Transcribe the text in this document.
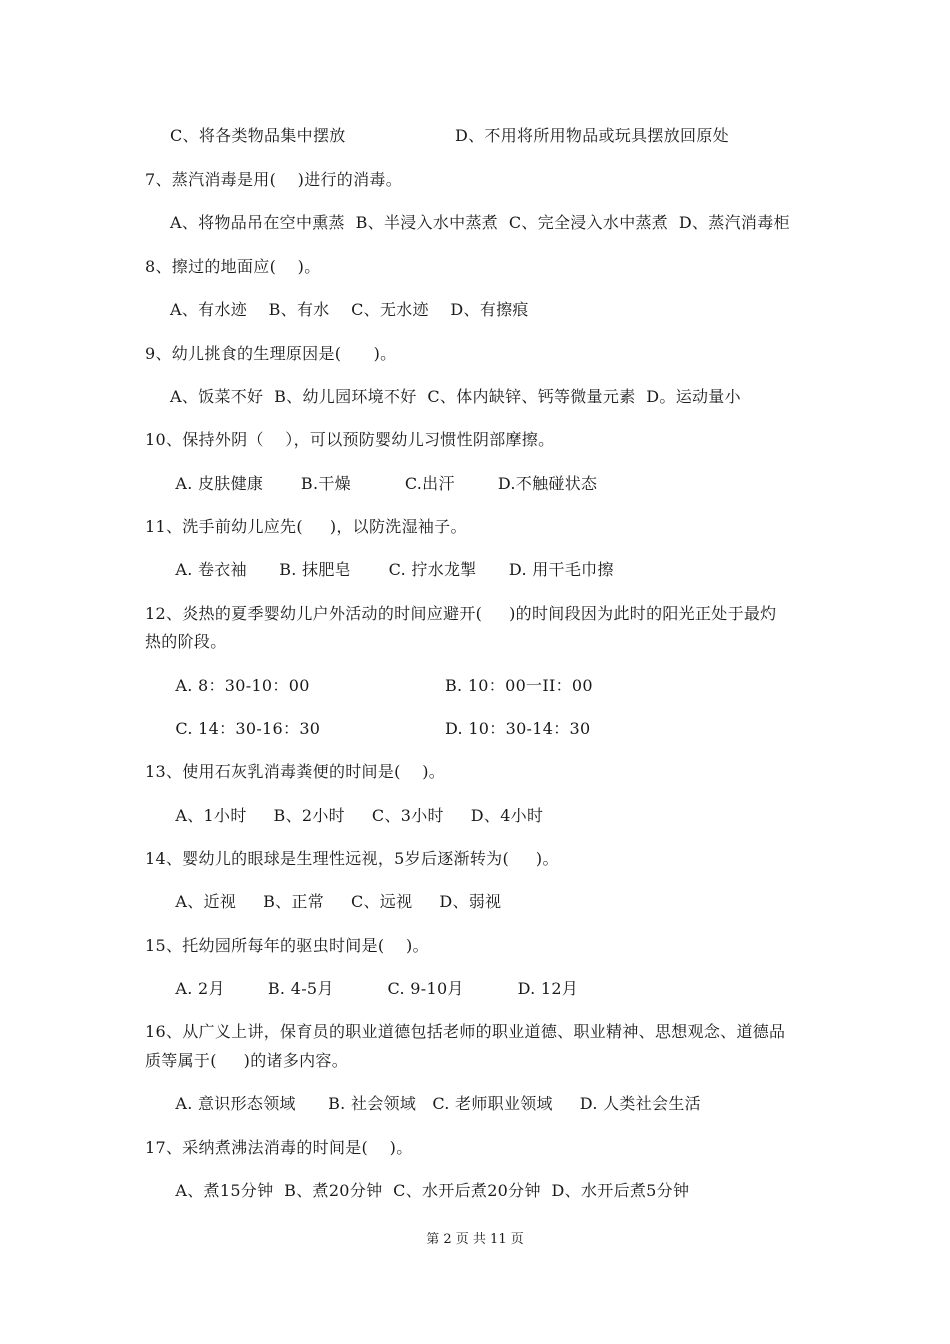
C、将各类物品集中摆放	D、不用将所用物品或玩具摆放回原处
7、蒸汽消毒是用(    )进行的消毒。
A、将物品吊在空中熏蒸  B、半浸入水中蒸煮  C、完全浸入水中蒸煮  D、蒸汽消毒柜
8、擦过的地面应(    )。
A、有水迹    B、有水    C、无水迹    D、有擦痕
9、幼儿挑食的生理原因是(      )。
A、饭菜不好  B、幼儿园环境不好  C、体内缺锌、钙等微量元素  D。运动量小
10、保持外阴（    ），可以预防婴幼儿习惯性阴部摩擦。
A. 皮肤健康       B.干燥          C.出汗        D.不触碰状态
11、洗手前幼儿应先(     )，以防洗湿袖子。
A. 卷衣袖      B. 抹肥皂       C. 拧水龙掣      D. 用干毛巾擦
12、炎热的夏季婴幼儿户外活动的时间应避开(     )的时间段因为此时的阳光正处于最灼
热的阶段。
A. 8：30-10：00	B. 10：00一II：00
C. 14：30-16：30	D. 10：30-14：30
13、使用石灰乳消毒粪便的时间是(    )。
A、1小时     B、2小时     C、3小时     D、4小时
14、婴幼儿的眼球是生理性远视，5岁后逐渐转为(     )。
A、近视     B、正常     C、远视     D、弱视
15、托幼园所每年的驱虫时间是(    )。
A. 2月        B. 4-5月          C. 9-10月          D. 12月
16、从广义上讲，保育员的职业道德包括老师的职业道德、职业精神、思想观念、道德品
质等属于(     )的诸多内容。
A. 意识形态领域      B. 社会领域   C. 老师职业领域     D. 人类社会生活
17、采纳煮沸法消毒的时间是(    )。
A、煮15分钟  B、煮20分钟  C、水开后煮20分钟  D、水开后煮5分钟
第 2 页 共 11 页
